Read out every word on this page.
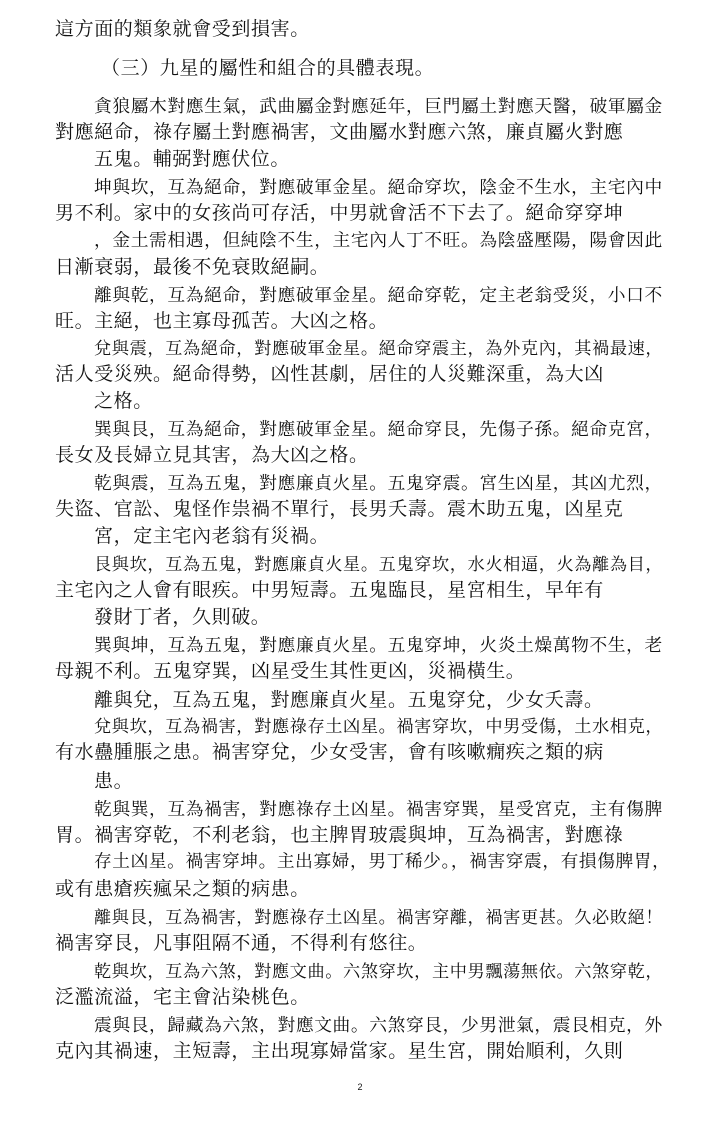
這方面的類象就會受到損害。
（三）九星的屬性和組合的具體表現。
貪狼屬木對應生氣，武曲屬金對應延年，巨門屬土對應天醫，破軍屬金
對應絕命，祿存屬土對應禍害，文曲屬水對應六煞，廉貞屬火對應
五鬼。輔弼對應伏位。
坤與坎，互為絕命，對應破軍金星。絕命穿坎，陰金不生水，主宅內中
男不利。家中的女孩尚可存活，中男就會活不下去了。絕命穿穿坤
，金土需相遇，但純陰不生，主宅內人丁不旺。為陰盛壓陽，陽會因此
日漸衰弱，最後不免衰敗絕嗣。
離與乾，互為絕命，對應破軍金星。絕命穿乾，定主老翁受災，小口不
旺。主絕，也主寡母孤苦。大凶之格。
兌與震，互為絕命，對應破軍金星。絕命穿震主，為外克內，其禍最速，
活人受災殃。絕命得勢，凶性甚劇，居住的人災難深重，為大凶
之格。
巽與艮，互為絕命，對應破軍金星。絕命穿艮，先傷子孫。絕命克宮，
長女及長婦立見其害，為大凶之格。
乾與震，互為五鬼，對應廉貞火星。五鬼穿震。宮生凶星，其凶尤烈，
失盜、官訟、鬼怪作祟禍不單行，長男夭壽。震木助五鬼，凶星克
宮，定主宅內老翁有災禍。
艮與坎，互為五鬼，對應廉貞火星。五鬼穿坎，水火相逼，火為離為目，
主宅內之人會有眼疾。中男短壽。五鬼臨艮，星宮相生，早年有
發財丁者，久則破。
巽與坤，互為五鬼，對應廉貞火星。五鬼穿坤，火炎土燥萬物不生，老
母親不利。五鬼穿巽，凶星受生其性更凶，災禍橫生。
離與兌，互為五鬼，對應廉貞火星。五鬼穿兌，少女夭壽。
兌與坎，互為禍害，對應祿存土凶星。禍害穿坎，中男受傷，土水相克，
有水蠱腫脹之患。禍害穿兌，少女受害，會有咳嗽癇疾之類的病
患。
乾與巽，互為禍害，對應祿存土凶星。禍害穿巽，星受宮克，主有傷脾
胃。禍害穿乾，不利老翁，也主脾胃玻震與坤，互為禍害，對應祿
存土凶星。禍害穿坤。主出寡婦，男丁稀少。，禍害穿震，有損傷脾胃，
或有患瘡疾瘋呆之類的病患。
離與艮，互為禍害，對應祿存土凶星。禍害穿離，禍害更甚。久必敗絕！
禍害穿艮，凡事阻隔不通，不得利有悠往。
乾與坎，互為六煞，對應文曲。六煞穿坎，主中男飄蕩無依。六煞穿乾，
泛濫流溢，宅主會沾染桃色。
震與艮，歸藏為六煞，對應文曲。六煞穿艮，少男泄氣，震艮相克，外
克內其禍速，主短壽，主出現寡婦當家。星生宮，開始順利，久則
2
